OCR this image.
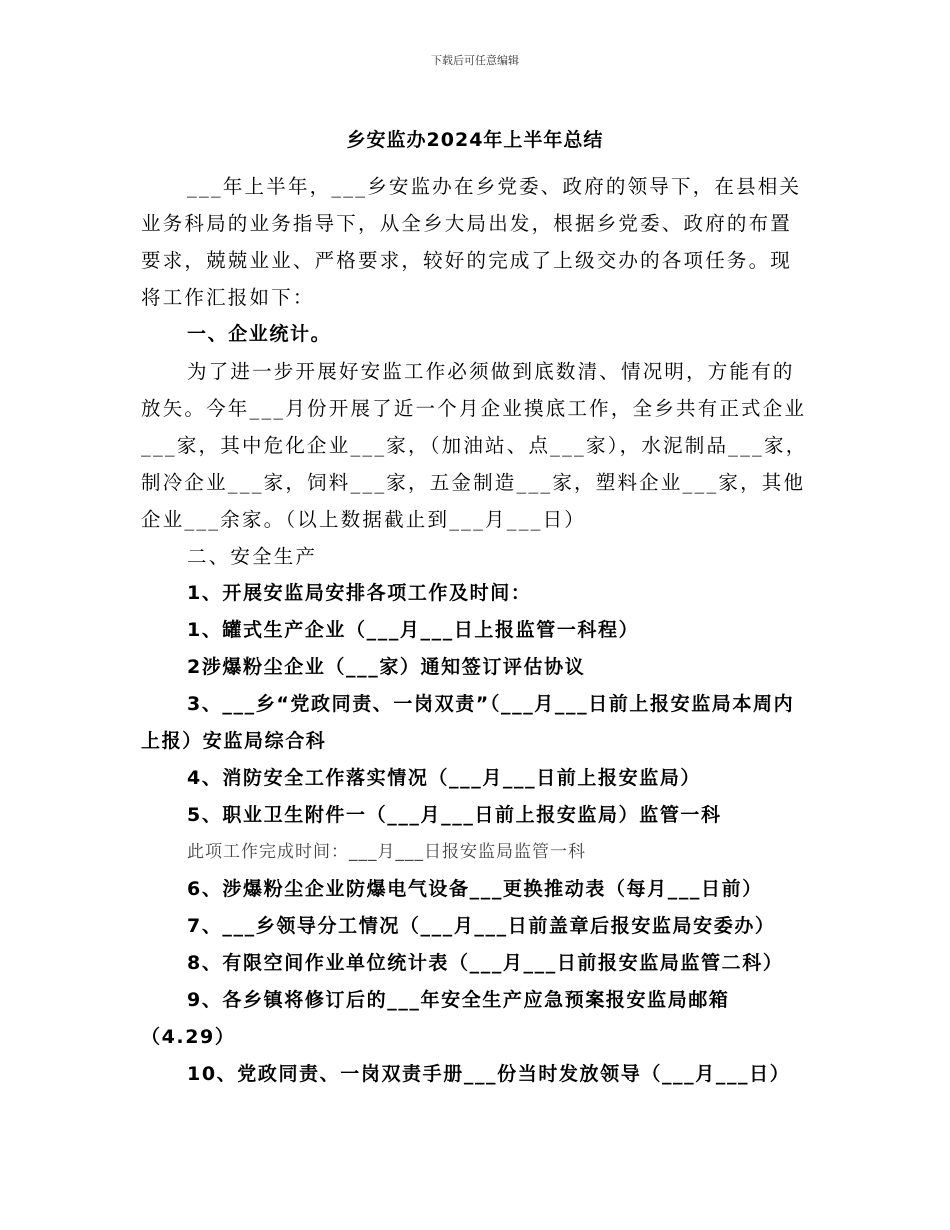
下载后可任意编辑
乡安监办2024年上半年总结

___年上半年，___乡安监办在乡党委、政府的领导下，在县相关业务科局的业务指导下，从全乡大局出发，根据乡党委、政府的布置要求，兢兢业业、严格要求，较好的完成了上级交办的各项任务。现将工作汇报如下：

一、企业统计。

为了进一步开展好安监工作必须做到底数清、情况明，方能有的放矢。今年___月份开展了近一个月企业摸底工作，全乡共有正式企业___家，其中危化企业___家，（加油站、点___家），水泥制品___家，制冷企业___家，饲料___家，五金制造___家，塑料企业___家，其他企业___余家。（以上数据截止到___月___日）

二、安全生产

1、开展安监局安排各项工作及时间：

1、罐式生产企业（___月___日上报监管一科程）

2涉爆粉尘企业（___家）通知签订评估协议

3、___乡“党政同责、一岗双责”（___月___日前上报安监局本周内上报）安监局综合科

4、消防安全工作落实情况（___月___日前上报安监局）

5、职业卫生附件一（___月___日前上报安监局）监管一科

此项工作完成时间：___月___日报安监局监管一科

6、涉爆粉尘企业防爆电气设备___更换推动表（每月___日前）

7、___乡领导分工情况（___月___日前盖章后报安监局安委办）

8、有限空间作业单位统计表（___月___日前报安监局监管二科）

9、各乡镇将修订后的___年安全生产应急预案报安监局邮箱（4.29）

10、党政同责、一岗双责手册___份当时发放领导（___月___日）
